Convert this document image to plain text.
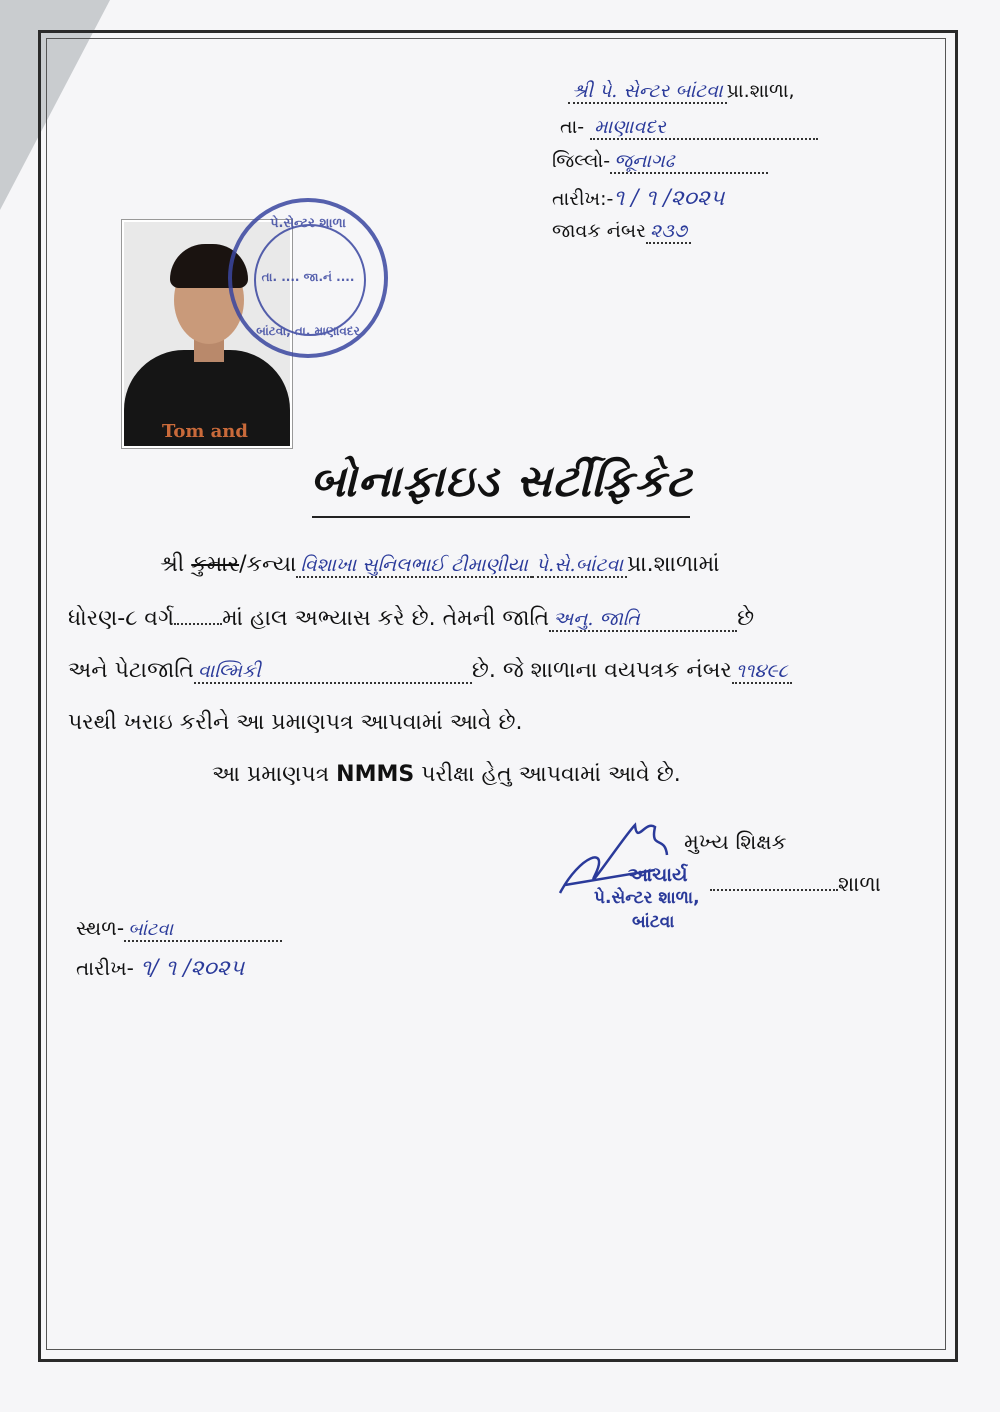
શ્રી પે. સેન્ટર બાંટવા પ્રા.શાળા,
તા- માણાવદર
જિલ્લો- જૂનાગઢ
તારીખ:-૧ / ૧ /૨૦૨૫
જાવક નંબર ૨૩૭
Tom and
પે.સેન્ટર શાળા
તા. .... જા.નં ....
બાંટવા, તા. માણાવદર
બોનાફાઇડ સર્ટીફિકેટ
શ્રી કુમાર/કન્યા વિશાખા સુનિલભાઈ ટીમાણીયા પે.સે.બાંટવા પ્રા.શાળામાં
ધોરણ-૮ વર્ગ માં હાલ અભ્યાસ કરે છે. તેમની જાતિ અનુ. જાતિ	છે
અને પેટાજાતિ વાલ્મિકી	છે. જે શાળાના વયપત્રક નંબર ૧૧૪૯૮
પરથી ખરાઇ કરીને આ પ્રમાણપત્ર આપવામાં આવે છે.
આ પ્રમાણપત્ર NMMS પરીક્ષા હેતુ આપવામાં આવે છે.
મુખ્ય શિક્ષક
આચાર્ય	શાળા
પે.સેન્ટર શાળા,
બાંટવા
સ્થળ- બાંટવા
તારીખ- ૧/ ૧ /૨૦૨૫
